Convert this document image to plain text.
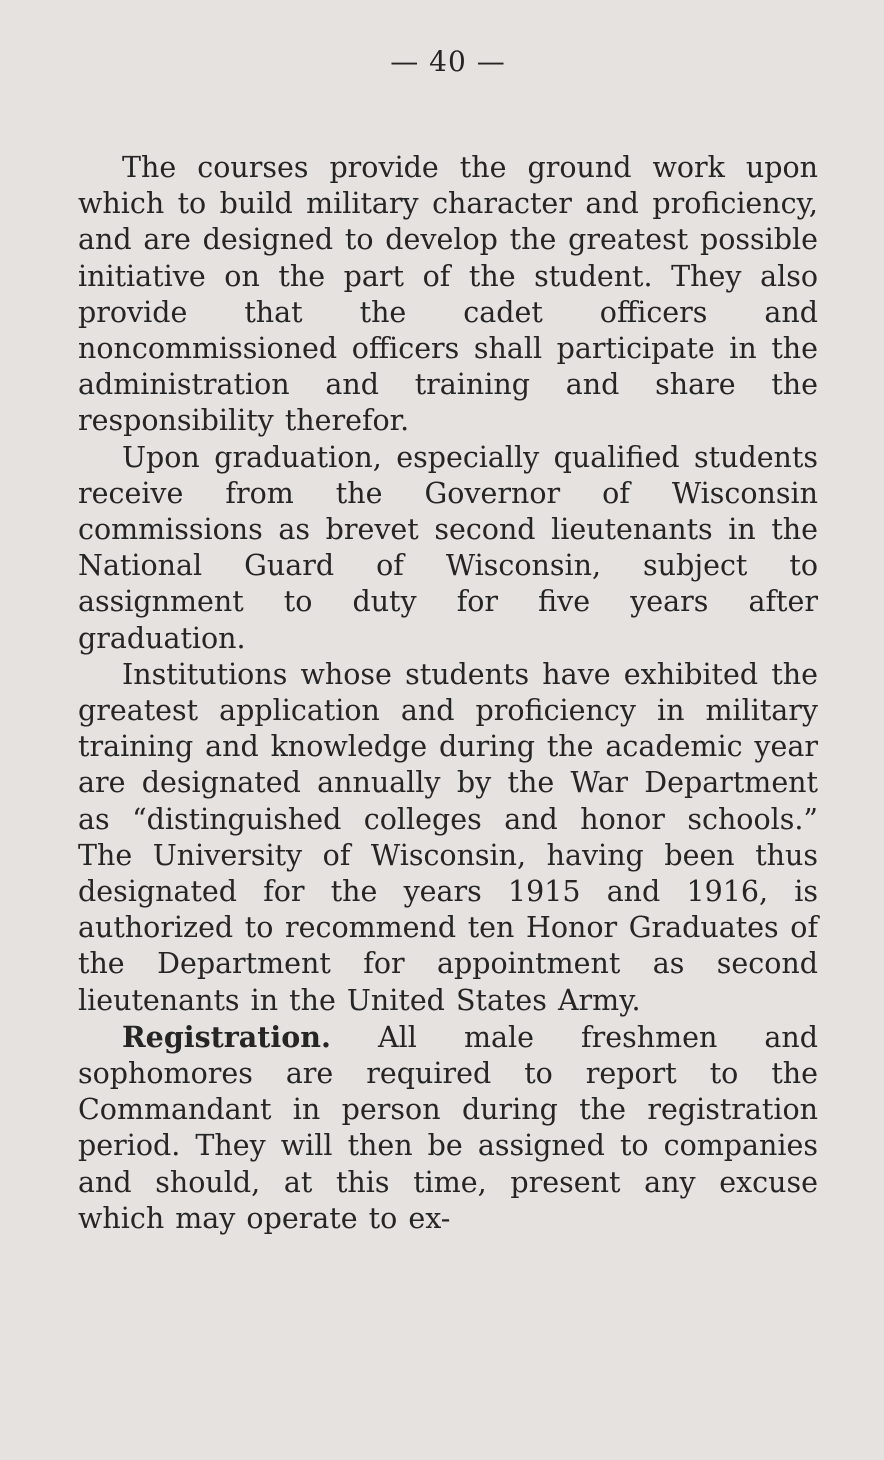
— 40 —

The courses provide the ground work upon which to build military character and proficiency, and are designed to develop the greatest possible initiative on the part of the student. They also provide that the cadet officers and noncommissioned officers shall participate in the administration and training and share the responsibility therefor.

Upon graduation, especially qualified students receive from the Governor of Wisconsin commissions as brevet second lieutenants in the National Guard of Wisconsin, subject to assignment to duty for five years after graduation.

Institutions whose students have exhibited the greatest application and proficiency in military training and knowledge during the academic year are designated annually by the War Department as “distinguished colleges and honor schools.” The University of Wisconsin, having been thus designated for the years 1915 and 1916, is authorized to recommend ten Honor Graduates of the Department for appointment as second lieutenants in the United States Army.

Registration. All male freshmen and sophomores are required to report to the Commandant in person during the registration period. They will then be assigned to companies and should, at this time, present any excuse which may operate to ex-
